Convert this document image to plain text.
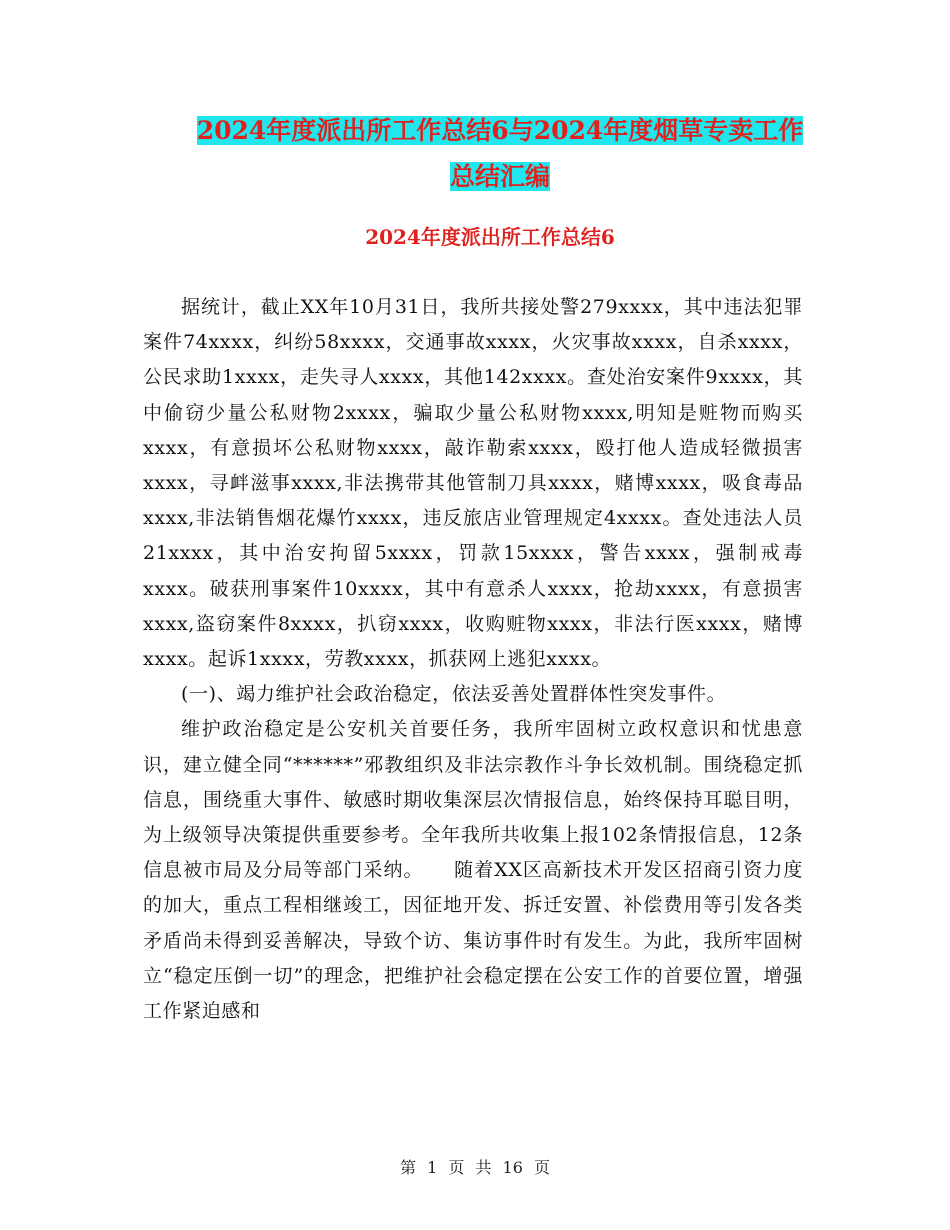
2024年度派出所工作总结6与2024年度烟草专卖工作
总结汇编
2024年度派出所工作总结6

据统计，截止XX年10月31日，我所共接处警279xxxx，其中违法犯罪案件74xxxx，纠纷58xxxx，交通事故xxxx，火灾事故xxxx，自杀xxxx，公民求助1xxxx，走失寻人xxxx，其他142xxxx。查处治安案件9xxxx，其中偷窃少量公私财物2xxxx，骗取少量公私财物xxxx,明知是赃物而购买xxxx，有意损坏公私财物xxxx，敲诈勒索xxxx，殴打他人造成轻微损害xxxx，寻衅滋事xxxx,非法携带其他管制刀具xxxx，赌博xxxx，吸食毒品xxxx,非法销售烟花爆竹xxxx，违反旅店业管理规定4xxxx。查处违法人员21xxxx，其中治安拘留5xxxx，罚款15xxxx，警告xxxx，强制戒毒xxxx。破获刑事案件10xxxx，其中有意杀人xxxx，抢劫xxxx，有意损害xxxx,盗窃案件8xxxx，扒窃xxxx，收购赃物xxxx，非法行医xxxx，赌博xxxx。起诉1xxxx，劳教xxxx，抓获网上逃犯xxxx。

(一)、竭力维护社会政治稳定，依法妥善处置群体性突发事件。

维护政治稳定是公安机关首要任务，我所牢固树立政权意识和忧患意识，建立健全同“******”邪教组织及非法宗教作斗争长效机制。围绕稳定抓信息，围绕重大事件、敏感时期收集深层次情报信息，始终保持耳聪目明，为上级领导决策提供重要参考。全年我所共收集上报102条情报信息，12条信息被市局及分局等部门采纳。　　随着XX区高新技术开发区招商引资力度的加大，重点工程相继竣工，因征地开发、拆迁安置、补偿费用等引发各类矛盾尚未得到妥善解决，导致个访、集访事件时有发生。为此，我所牢固树立“稳定压倒一切”的理念，把维护社会稳定摆在公安工作的首要位置，增强工作紧迫感和

第 1 页 共 16 页
